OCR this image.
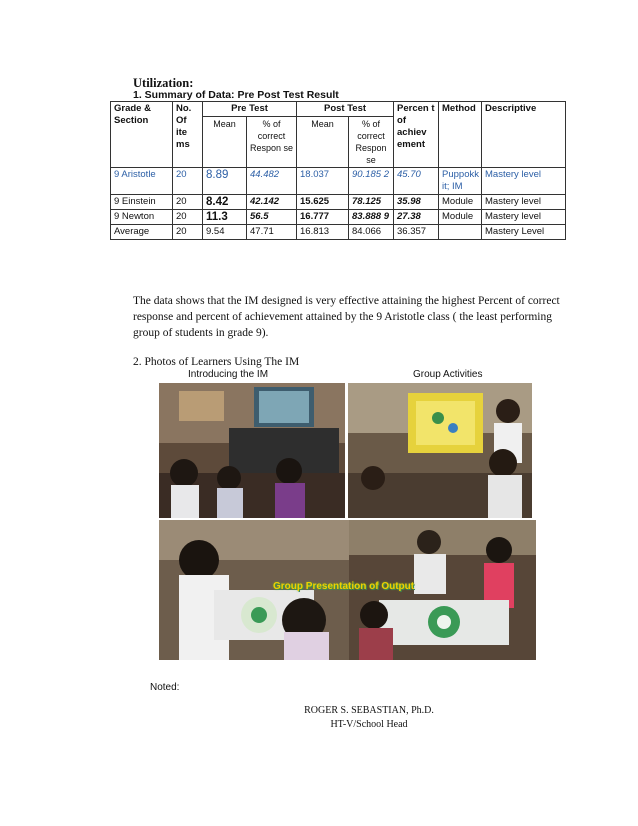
Utilization:
1. Summary of Data: Pre Post Test Result
Grade & Section	No. Of ite ms	Pre Test		Post Test		Percen t of achiev ement	Method	Descriptive
		Mean	% of correct Respon se	Mean	% of correct Respon se			
9 Aristotle	20	8.89	44.482	18.037	90.185 2	45.70	Puppokk it; IM	Mastery level
9 Einstein	20	8.42	42.142	15.625	78.125	35.98	Module	Mastery level
9 Newton	20	11.3	56.5	16.777	83.888 9	27.38	Module	Mastery level
Average	20	9.54	47.71	16.813	84.066	36.357		Mastery Level
The data shows that the IM designed is very effective attaining the highest Percent of correct response and percent of achievement attained by the 9 Aristotle class ( the least performing group of students in grade 9).
2. Photos of Learners Using The IM
Introducing the IM	Group Activities
Group Presentation of Output
Noted:
ROGER S. SEBASTIAN, Ph.D.
HT-V/School Head
